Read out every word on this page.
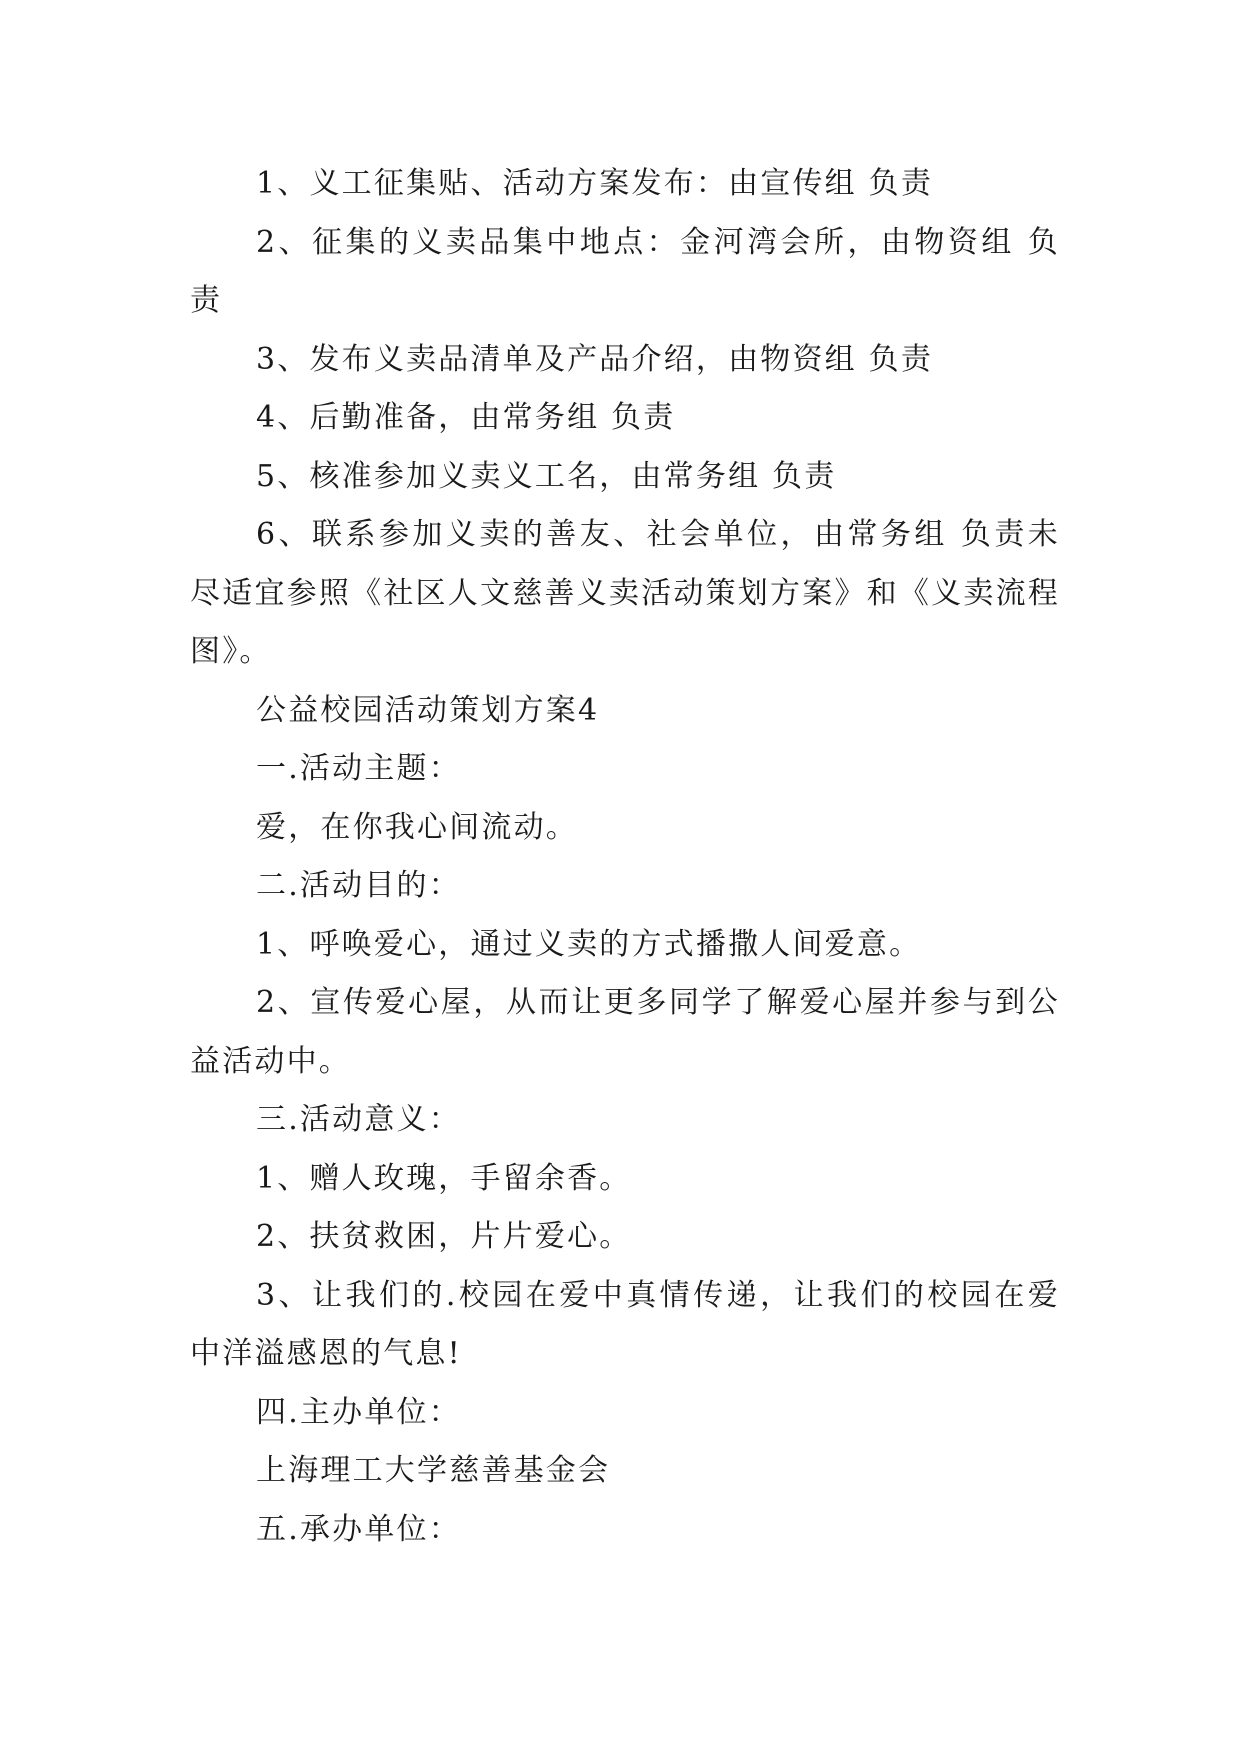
1、义工征集贴、活动方案发布：由宣传组 负责

2、征集的义卖品集中地点：金河湾会所，由物资组 负责

3、发布义卖品清单及产品介绍，由物资组 负责

4、后勤准备，由常务组 负责

5、核准参加义卖义工名，由常务组 负责

6、联系参加义卖的善友、社会单位，由常务组 负责未尽适宜参照《社区人文慈善义卖活动策划方案》和《义卖流程图》。

公益校园活动策划方案4

一.活动主题：

爱，在你我心间流动。

二.活动目的：

1、呼唤爱心，通过义卖的方式播撒人间爱意。

2、宣传爱心屋，从而让更多同学了解爱心屋并参与到公益活动中。

三.活动意义：

1、赠人玫瑰，手留余香。

2、扶贫救困，片片爱心。

3、让我们的.校园在爱中真情传递，让我们的校园在爱中洋溢感恩的气息!

四.主办单位：

上海理工大学慈善基金会

五.承办单位：
